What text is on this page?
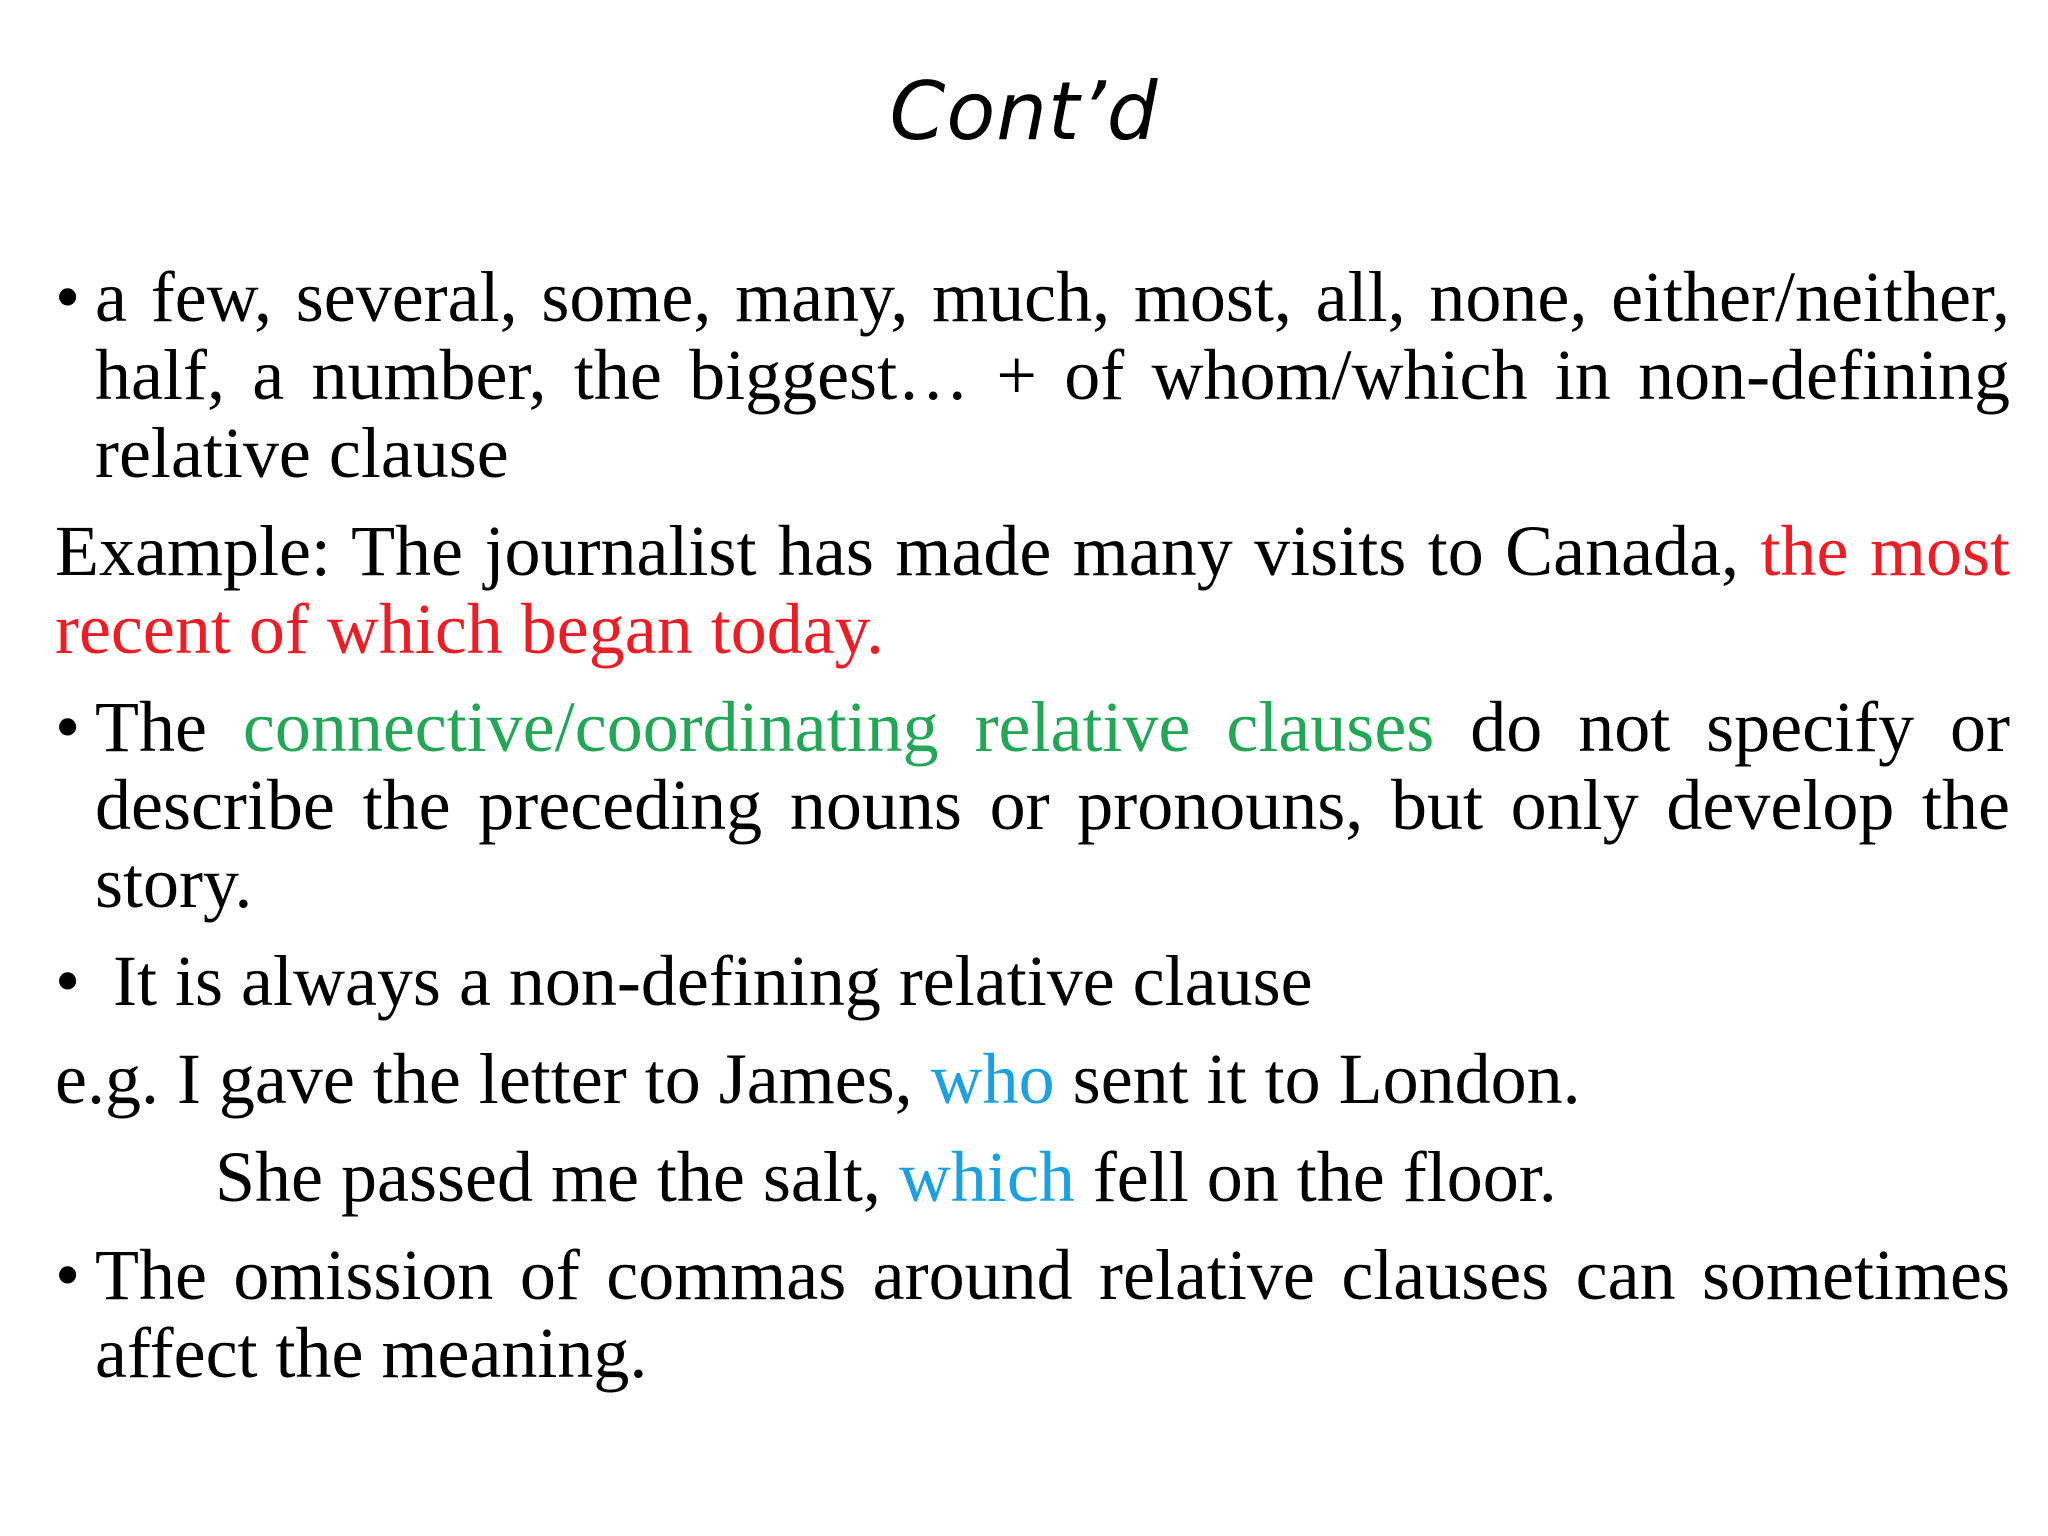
Cont’d

• a few, several, some, many, much, most, all, none, either/neither, half, a number, the biggest… + of whom/which in non-defining relative clause

Example: The journalist has made many visits to Canada, the most recent of which began today.

• The connective/coordinating relative clauses do not specify or describe the preceding nouns or pronouns, but only develop the story.

• It is always a non-defining relative clause

e.g. I gave the letter to James, who sent it to London.

She passed me the salt, which fell on the floor.

• The omission of commas around relative clauses can sometimes affect the meaning.
